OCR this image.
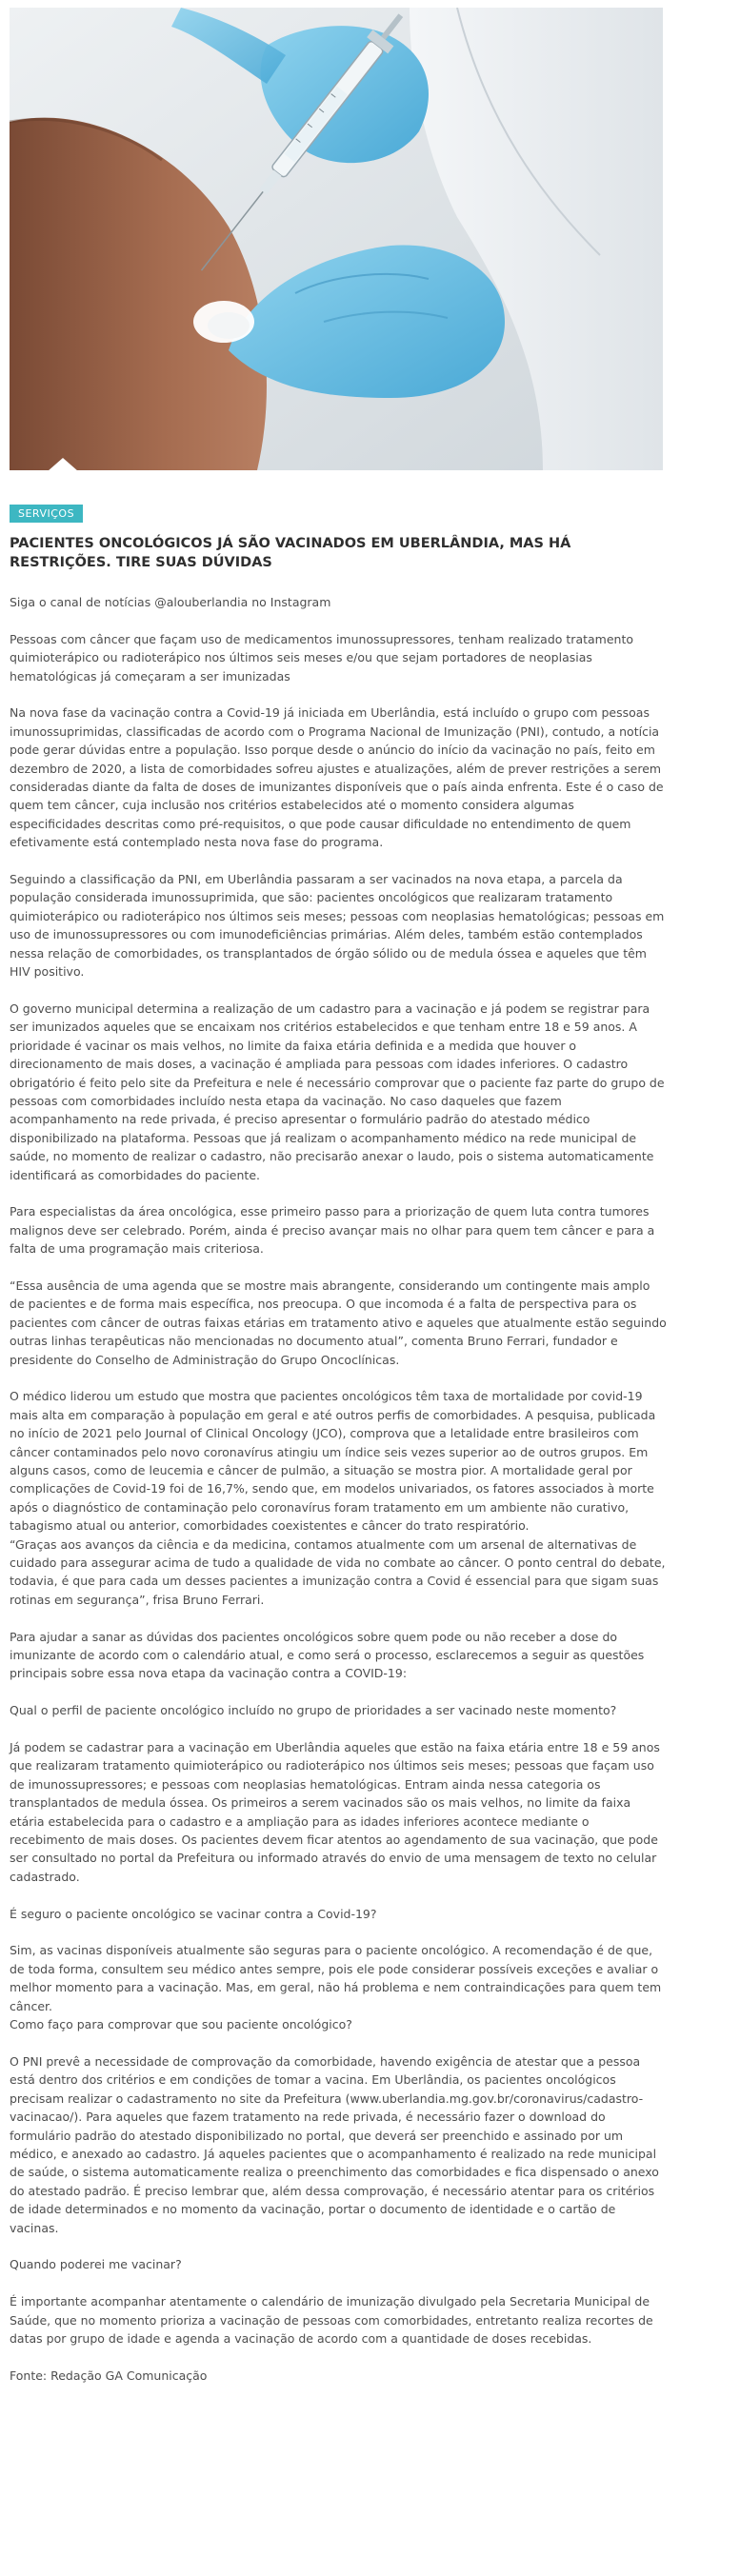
SERVIÇOS
PACIENTES ONCOLÓGICOS JÁ SÃO VACINADOS EM UBERLÂNDIA, MAS HÁ RESTRIÇÕES. TIRE SUAS DÚVIDAS

Siga o canal de notícias @alouberlandia no Instagram

Pessoas com câncer que façam uso de medicamentos imunossupressores, tenham realizado tratamento quimioterápico ou radioterápico nos últimos seis meses e/ou que sejam portadores de neoplasias hematológicas já começaram a ser imunizadas

Na nova fase da vacinação contra a Covid-19 já iniciada em Uberlândia, está incluído o grupo com pessoas imunossuprimidas, classificadas de acordo com o Programa Nacional de Imunização (PNI), contudo, a notícia pode gerar dúvidas entre a população. Isso porque desde o anúncio do início da vacinação no país, feito em dezembro de 2020, a lista de comorbidades sofreu ajustes e atualizações, além de prever restrições a serem consideradas diante da falta de doses de imunizantes disponíveis que o país ainda enfrenta. Este é o caso de quem tem câncer, cuja inclusão nos critérios estabelecidos até o momento considera algumas especificidades descritas como pré-requisitos, o que pode causar dificuldade no entendimento de quem efetivamente está contemplado nesta nova fase do programa.

Seguindo a classificação da PNI, em Uberlândia passaram a ser vacinados na nova etapa, a parcela da população considerada imunossuprimida, que são: pacientes oncológicos que realizaram tratamento quimioterápico ou radioterápico nos últimos seis meses; pessoas com neoplasias hematológicas; pessoas em uso de imunossupressores ou com imunodeficiências primárias. Além deles, também estão contemplados nessa relação de comorbidades, os transplantados de órgão sólido ou de medula óssea e aqueles que têm HIV positivo.

O governo municipal determina a realização de um cadastro para a vacinação e já podem se registrar para ser imunizados aqueles que se encaixam nos critérios estabelecidos e que tenham entre 18 e 59 anos. A prioridade é vacinar os mais velhos, no limite da faixa etária definida e a medida que houver o direcionamento de mais doses, a vacinação é ampliada para pessoas com idades inferiores. O cadastro obrigatório é feito pelo site da Prefeitura e nele é necessário comprovar que o paciente faz parte do grupo de pessoas com comorbidades incluído nesta etapa da vacinação. No caso daqueles que fazem acompanhamento na rede privada, é preciso apresentar o formulário padrão do atestado médico disponibilizado na plataforma. Pessoas que já realizam o acompanhamento médico na rede municipal de saúde, no momento de realizar o cadastro, não precisarão anexar o laudo, pois o sistema automaticamente identificará as comorbidades do paciente.

Para especialistas da área oncológica, esse primeiro passo para a priorização de quem luta contra tumores malignos deve ser celebrado. Porém, ainda é preciso avançar mais no olhar para quem tem câncer e para a falta de uma programação mais criteriosa.

“Essa ausência de uma agenda que se mostre mais abrangente, considerando um contingente mais amplo de pacientes e de forma mais específica, nos preocupa. O que incomoda é a falta de perspectiva para os pacientes com câncer de outras faixas etárias em tratamento ativo e aqueles que atualmente estão seguindo outras linhas terapêuticas não mencionadas no documento atual”, comenta Bruno Ferrari, fundador e presidente do Conselho de Administração do Grupo Oncoclínicas.

O médico liderou um estudo que mostra que pacientes oncológicos têm taxa de mortalidade por covid-19 mais alta em comparação à população em geral e até outros perfis de comorbidades. A pesquisa, publicada no início de 2021 pelo Journal of Clinical Oncology (JCO), comprova que a letalidade entre brasileiros com câncer contaminados pelo novo coronavírus atingiu um índice seis vezes superior ao de outros grupos. Em alguns casos, como de leucemia e câncer de pulmão, a situação se mostra pior. A mortalidade geral por complicações de Covid-19 foi de 16,7%, sendo que, em modelos univariados, os fatores associados à morte após o diagnóstico de contaminação pelo coronavírus foram tratamento em um ambiente não curativo, tabagismo atual ou anterior, comorbidades coexistentes e câncer do trato respiratório.

“Graças aos avanços da ciência e da medicina, contamos atualmente com um arsenal de alternativas de cuidado para assegurar acima de tudo a qualidade de vida no combate ao câncer. O ponto central do debate, todavia, é que para cada um desses pacientes a imunização contra a Covid é essencial para que sigam suas rotinas em segurança”, frisa Bruno Ferrari.

Para ajudar a sanar as dúvidas dos pacientes oncológicos sobre quem pode ou não receber a dose do imunizante de acordo com o calendário atual, e como será o processo, esclarecemos a seguir as questões principais sobre essa nova etapa da vacinação contra a COVID-19:

Qual o perfil de paciente oncológico incluído no grupo de prioridades a ser vacinado neste momento?

Já podem se cadastrar para a vacinação em Uberlândia aqueles que estão na faixa etária entre 18 e 59 anos que realizaram tratamento quimioterápico ou radioterápico nos últimos seis meses; pessoas que façam uso de imunossupressores; e pessoas com neoplasias hematológicas. Entram ainda nessa categoria os transplantados de medula óssea. Os primeiros a serem vacinados são os mais velhos, no limite da faixa etária estabelecida para o cadastro e a ampliação para as idades inferiores acontece mediante o recebimento de mais doses. Os pacientes devem ficar atentos ao agendamento de sua vacinação, que pode ser consultado no portal da Prefeitura ou informado através do envio de uma mensagem de texto no celular cadastrado.

É seguro o paciente oncológico se vacinar contra a Covid-19?

Sim, as vacinas disponíveis atualmente são seguras para o paciente oncológico. A recomendação é de que, de toda forma, consultem seu médico antes sempre, pois ele pode considerar possíveis exceções e avaliar o melhor momento para a vacinação. Mas, em geral, não há problema e nem contraindicações para quem tem câncer.

Como faço para comprovar que sou paciente oncológico?

O PNI prevê a necessidade de comprovação da comorbidade, havendo exigência de atestar que a pessoa está dentro dos critérios e em condições de tomar a vacina. Em Uberlândia, os pacientes oncológicos precisam realizar o cadastramento no site da Prefeitura (www.uberlandia.mg.gov.br/coronavirus/cadastro-vacinacao/). Para aqueles que fazem tratamento na rede privada, é necessário fazer o download do formulário padrão do atestado disponibilizado no portal, que deverá ser preenchido e assinado por um médico, e anexado ao cadastro. Já aqueles pacientes que o acompanhamento é realizado na rede municipal de saúde, o sistema automaticamente realiza o preenchimento das comorbidades e fica dispensado o anexo do atestado padrão. É preciso lembrar que, além dessa comprovação, é necessário atentar para os critérios de idade determinados e no momento da vacinação, portar o documento de identidade e o cartão de vacinas.

Quando poderei me vacinar?

É importante acompanhar atentamente o calendário de imunização divulgado pela Secretaria Municipal de Saúde, que no momento prioriza a vacinação de pessoas com comorbidades, entretanto realiza recortes de datas por grupo de idade e agenda a vacinação de acordo com a quantidade de doses recebidas.

Fonte: Redação GA Comunicação
